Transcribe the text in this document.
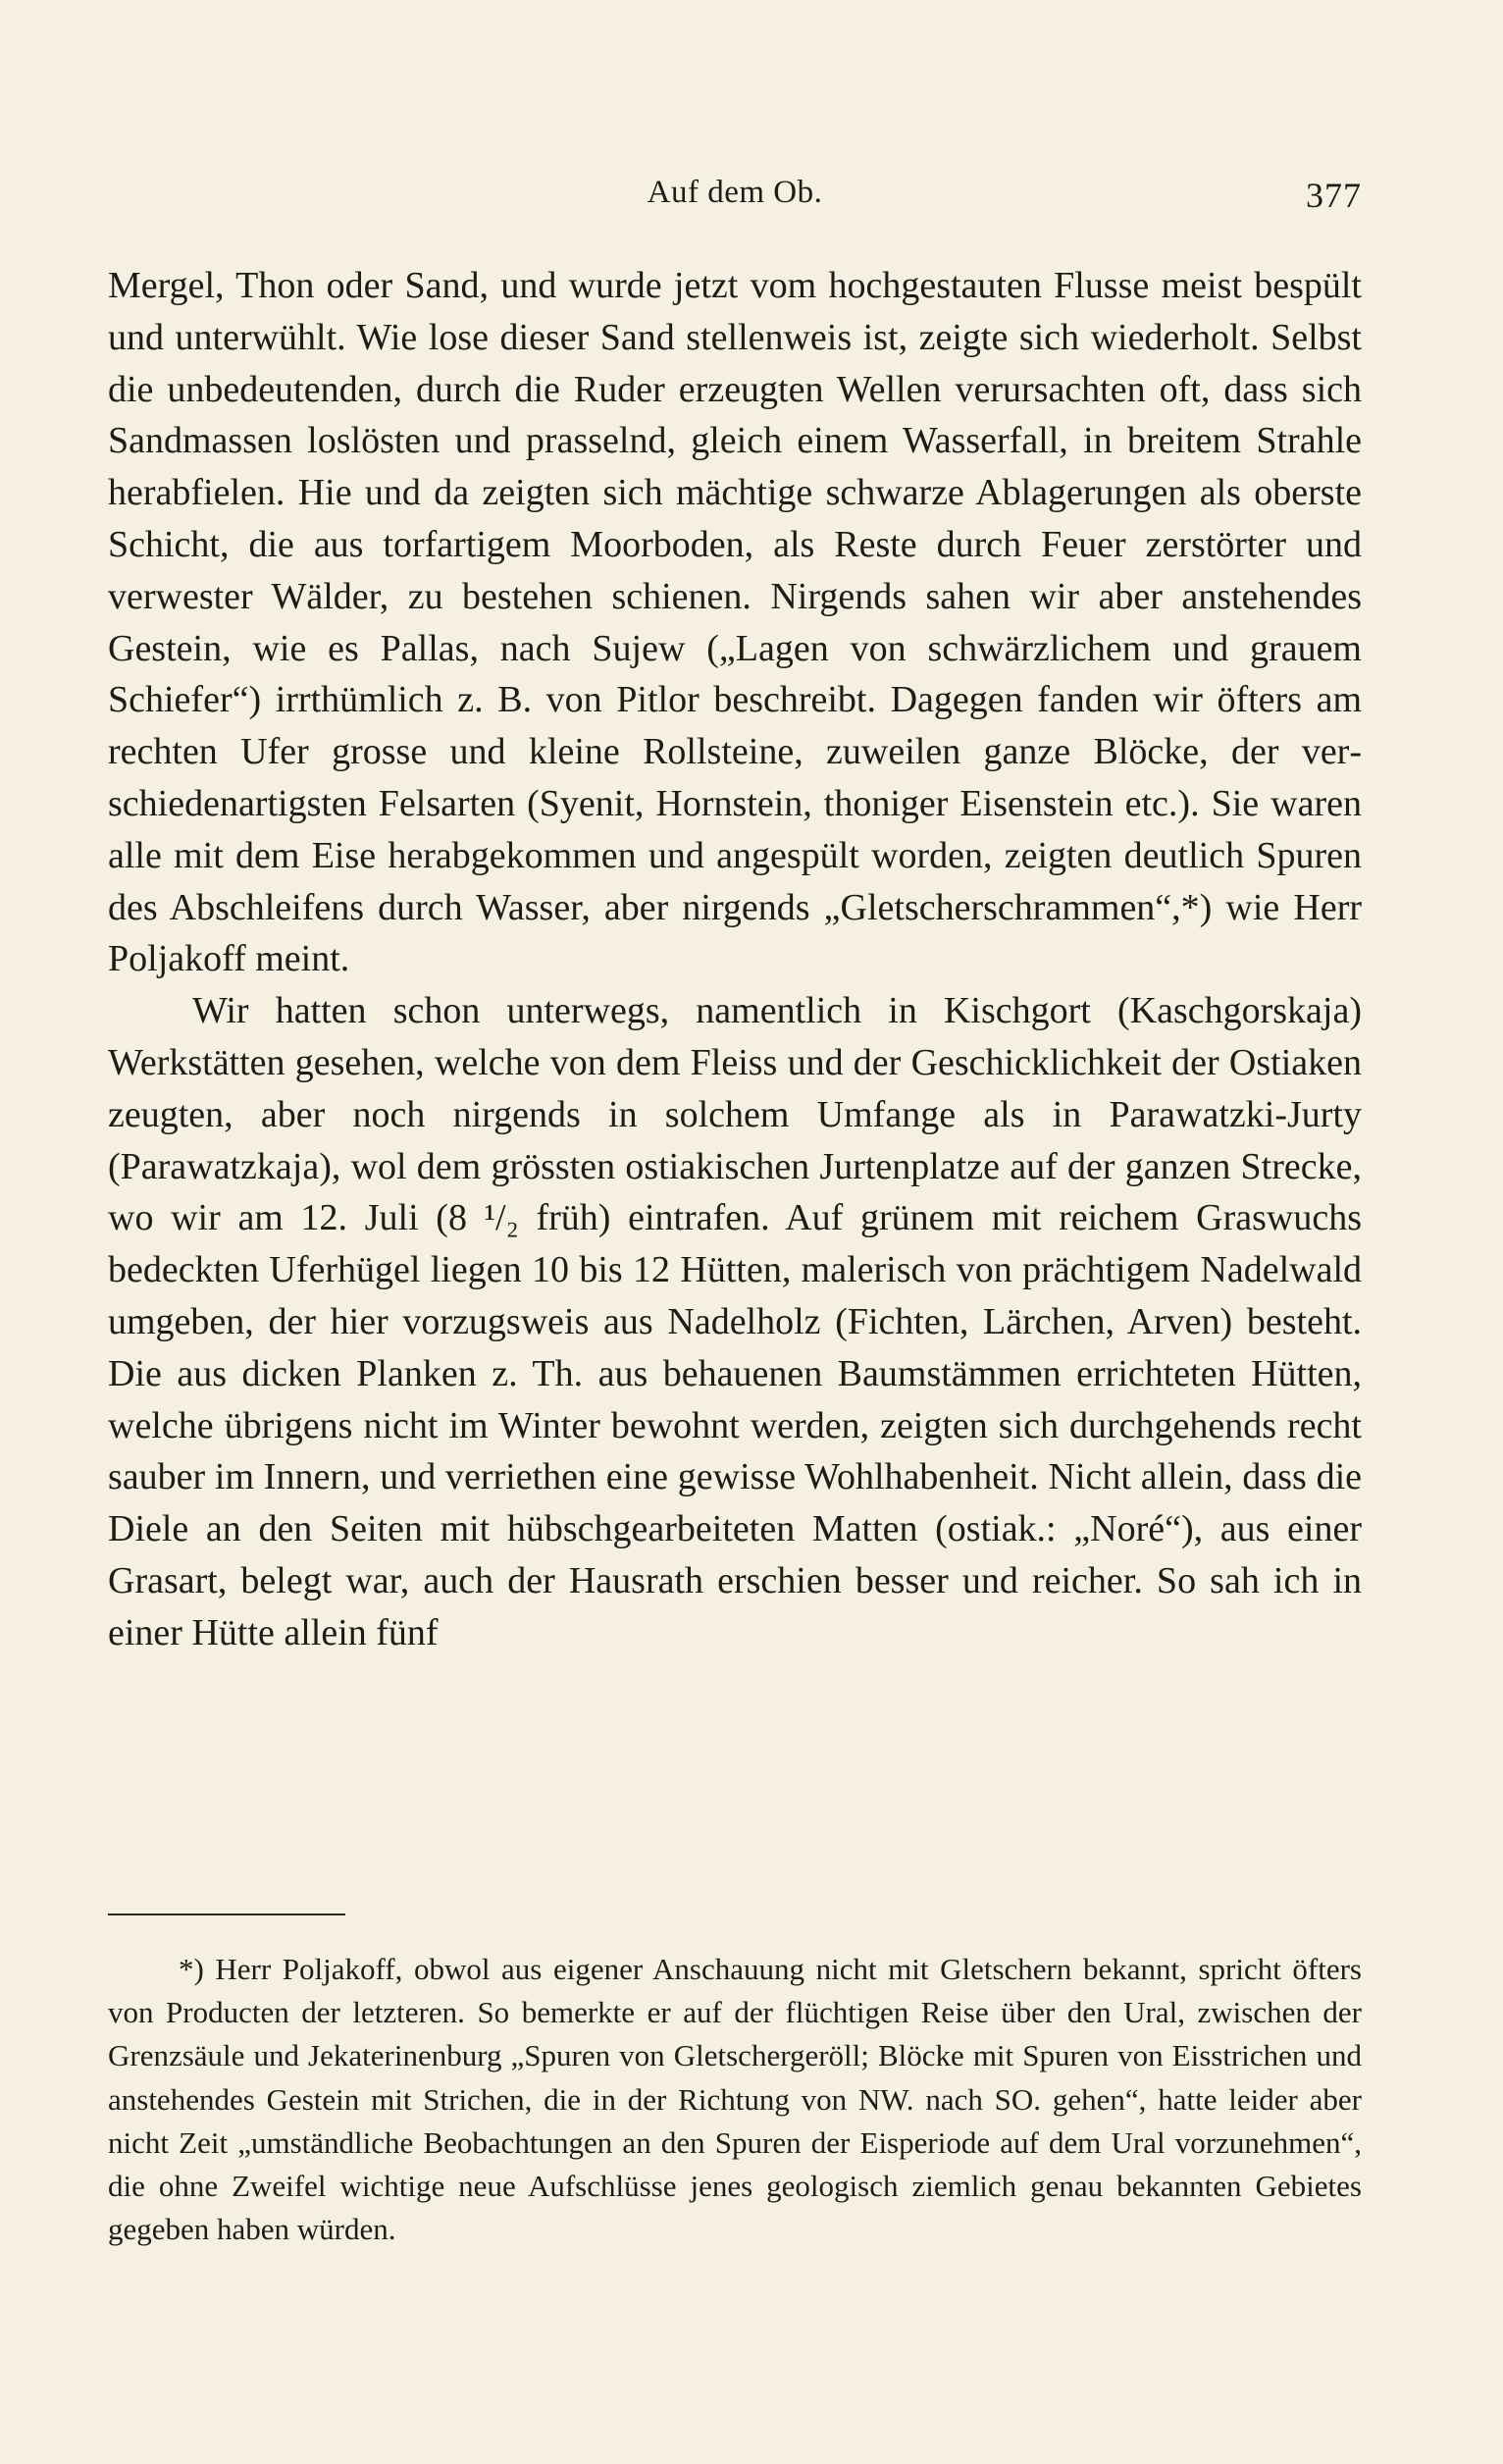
Auf dem Ob.	377

Mergel, Thon oder Sand, und wurde jetzt vom hochgestauten Flusse meist bespült und unterwühlt. Wie lose dieser Sand stellenweis ist, zeigte sich wiederholt. Selbst die unbedeutenden, durch die Ruder erzeugten Wellen verursachten oft, dass sich Sandmassen loslösten und prasselnd, gleich einem Wasserfall, in breitem Strahle herabfielen. Hie und da zeigten sich mächtige schwarze Ablagerungen als oberste Schicht, die aus torfartigem Moorboden, als Reste durch Feuer zerstörter und verwester Wälder, zu bestehen schienen. Nirgends sahen wir aber anstehendes Gestein, wie es Pallas, nach Sujew („Lagen von schwärzlichem und grauem Schiefer“) irrthümlich z. B. von Pitlor beschreibt. Dagegen fanden wir öfters am rechten Ufer grosse und kleine Rollsteine, zuweilen ganze Blöcke, der verschiedenartigsten Felsarten (Syenit, Hornstein, thoniger Eisenstein etc.). Sie waren alle mit dem Eise herabgekommen und angespült worden, zeigten deutlich Spuren des Abschleifens durch Wasser, aber nirgends „Gletscherschrammen“,*) wie Herr Poljakoff meint.

Wir hatten schon unterwegs, namentlich in Kischgort (Kaschgorskaja) Werkstätten gesehen, welche von dem Fleiss und der Geschicklichkeit der Ostiaken zeugten, aber noch nirgends in solchem Umfange als in Parawatzki-Jurty (Parawatzkaja), wol dem grössten ostiakischen Jurtenplatze auf der ganzen Strecke, wo wir am 12. Juli (8 ¹/₂ früh) eintrafen. Auf grünem mit reichem Graswuchs bedeckten Uferhügel liegen 10 bis 12 Hütten, malerisch von prächtigem Nadelwald umgeben, der hier vorzugsweis aus Nadelholz (Fichten, Lärchen, Arven) besteht. Die aus dicken Planken z. Th. aus behauenen Baumstämmen errichteten Hütten, welche übrigens nicht im Winter bewohnt werden, zeigten sich durchgehends recht sauber im Innern, und verriethen eine gewisse Wohlhabenheit. Nicht allein, dass die Diele an den Seiten mit hübschgearbeiteten Matten (ostiak.: „Noré“), aus einer Grasart, belegt war, auch der Hausrath erschien besser und reicher. So sah ich in einer Hütte allein fünf

*) Herr Poljakoff, obwol aus eigener Anschauung nicht mit Gletschern bekannt, spricht öfters von Producten der letzteren. So bemerkte er auf der flüchtigen Reise über den Ural, zwischen der Grenzsäule und Jekaterinenburg „Spuren von Gletschergeröll; Blöcke mit Spuren von Eisstrichen und anstehendes Gestein mit Strichen, die in der Richtung von NW. nach SO. gehen“, hatte leider aber nicht Zeit „umständliche Beobachtungen an den Spuren der Eisperiode auf dem Ural vorzunehmen“, die ohne Zweifel wichtige neue Aufschlüsse jenes geologisch ziemlich genau bekannten Gebietes gegeben haben würden.
